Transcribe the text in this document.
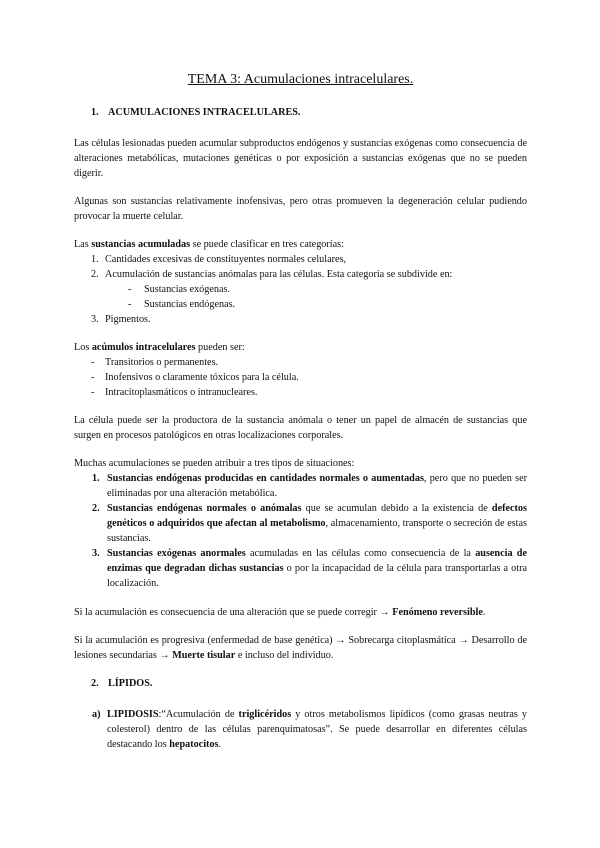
TEMA 3: Acumulaciones intracelulares.
1. ACUMULACIONES INTRACELULARES.

Las células lesionadas pueden acumular subproductos endógenos y sustancias exógenas como consecuencia de alteraciones metabólicas, mutaciones genéticas o por exposición a sustancias exógenas que no se pueden digerir.

Algunas son sustancias relativamente inofensivas, pero otras promueven la degeneración celular pudiendo provocar la muerte celular.

Las sustancias acumuladas se puede clasificar en tres categorías:
1. Cantidades excesivas de constituyentes normales celulares,
2. Acumulación de sustancias anómalas para las células. Esta categoría se subdivide en:
- Sustancias exógenas.
- Sustancias endógenas.
3. Pigmentos.
Los acúmulos intracelulares pueden ser:
- Transitorios o permanentes.
- Inofensivos o claramente tóxicos para la célula.
- Intracitoplasmáticos o intranucleares.

La célula puede ser la productora de la sustancia anómala o tener un papel de almacén de sustancias que surgen en procesos patológicos en otras localizaciones corporales.

Muchas acumulaciones se pueden atribuir a tres tipos de situaciones:
1. Sustancias endógenas producidas en cantidades normales o aumentadas, pero que no pueden ser eliminadas por una alteración metabólica.
2. Sustancias endógenas normales o anómalas que se acumulan debido a la existencia de defectos genéticos o adquiridos que afectan al metabolismo, almacenamiento, transporte o secreción de estas sustancias.
3. Sustancias exógenas anormales acumuladas en las células como consecuencia de la ausencia de enzimas que degradan dichas sustancias o por la incapacidad de la célula para transportarlas a otra localización.

Si la acumulación es consecuencia de una alteración que se puede corregir → Fenómeno reversible.

Si la acumulación es progresiva (enfermedad de base genética) → Sobrecarga citoplasmática → Desarrollo de lesiones secundarias → Muerte tisular e incluso del individuo.

2. LÍPIDOS.
a) LIPIDOSIS:“Acumulación de triglicéridos y otros metabolismos lipídicos (como grasas neutras y colesterol) dentro de las células parenquimatosas”. Se puede desarrollar en diferentes células destacando los hepatocitos.
